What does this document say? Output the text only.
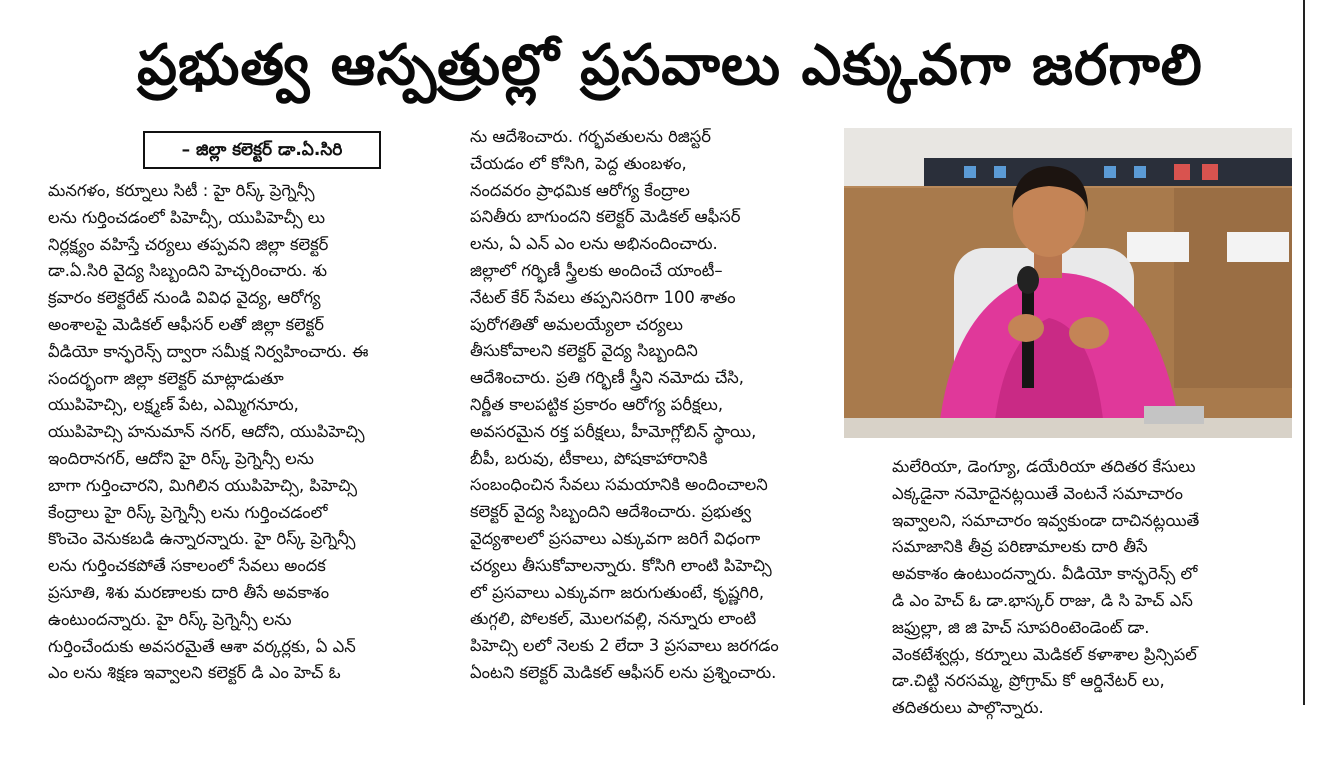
ప్రభుత్వ ఆస్పత్రుల్లో ప్రసవాలు ఎక్కువగా జరగాలి
– జిల్లా కలెక్టర్ డా.ఏ.సిరి
మనగళం, కర్నూలు సిటీ : హై రిస్క్ ప్రెగ్నెన్సీ
లను గుర్తించడంలో పిహెచ్సీ, యుపిహెచ్సీ లు
నిర్లక్ష్యం వహిస్తే చర్యలు తప్పవని జిల్లా కలెక్టర్
డా.ఏ.సిరి వైద్య సిబ్బందిని హెచ్చరించారు. శు
క్రవారం కలెక్టరేట్ నుండి వివిధ వైద్య, ఆరోగ్య
అంశాలపై మెడికల్ ఆఫీసర్ లతో జిల్లా కలెక్టర్
వీడియో కాన్ఫరెన్స్ ద్వారా సమీక్ష నిర్వహించారు. ఈ
సందర్భంగా జిల్లా కలెక్టర్ మాట్లాడుతూ
యుపిహెచ్సి, లక్ష్మణ్ పేట, ఎమ్మిగనూరు,
యుపిహెచ్సి హనుమాన్ నగర్, ఆదోని, యుపిహెచ్సి
ఇందిరానగర్, ఆదోని హై రిస్క్ ప్రెగ్నెన్సీ లను
బాగా గుర్తించారని, మిగిలిన యుపిహెచ్సి, పిహెచ్సి
కేంద్రాలు హై రిస్క్ ప్రెగ్నెన్సీ లను గుర్తించడంలో
కొంచెం వెనుకబడి ఉన్నారన్నారు. హై రిస్క్ ప్రెగ్నెన్సీ
లను గుర్తించకపోతే సకాలంలో సేవలు అందక
ప్రసూతి, శిశు మరణాలకు దారి తీసే అవకాశం
ఉంటుందన్నారు. హై రిస్క్ ప్రెగ్నెన్సీ లను
గుర్తించేందుకు అవసరమైతే ఆశా వర్కర్లకు, ఏ ఎన్
ఎం లను శిక్షణ ఇవ్వాలని కలెక్టర్ డి ఎం హెచ్ ఓ
ను ఆదేశించారు. గర్భవతులను రిజిస్టర్
చేయడం లో కోసిగి, పెద్ద తుంబళం,
నందవరం ప్రాధమిక ఆరోగ్య కేంద్రాల
పనితీరు బాగుందని కలెక్టర్ మెడికల్ ఆఫీసర్
లను, ఏ ఎన్ ఎం లను అభినందించారు.
జిల్లాలో గర్భిణీ స్త్రీలకు అందించే యాంటీ–
నేటల్ కేర్ సేవలు తప్పనిసరిగా 100 శాతం
పురోగతితో అమలయ్యేలా చర్యలు
తీసుకోవాలని కలెక్టర్ వైద్య సిబ్బందిని
ఆదేశించారు. ప్రతి గర్భిణీ స్త్రీని నమోదు చేసి,
నిర్ణీత కాలపట్టిక ప్రకారం ఆరోగ్య పరీక్షలు,
అవసరమైన రక్త పరీక్షలు, హీమోగ్లోబిన్ స్థాయి,
బీపీ, బరువు, టీకాలు, పోషకాహారానికి
సంబంధించిన సేవలు సమయానికి అందించాలని
కలెక్టర్ వైద్య సిబ్బందిని ఆదేశించారు. ప్రభుత్వ
వైద్యశాలలో ప్రసవాలు ఎక్కువగా జరిగే విధంగా
చర్యలు తీసుకోవాలన్నారు. కోసిగి లాంటి పిహెచ్సి
లో ప్రసవాలు ఎక్కువగా జరుగుతుంటే, కృష్ణగిరి,
తుగ్గలి, పోలకల్, మొలగవల్లి, నన్నూరు లాంటి
పిహెచ్సి లలో నెలకు 2 లేదా 3 ప్రసవాలు జరగడం
ఏంటని కలెక్టర్ మెడికల్ ఆఫీసర్ లను ప్రశ్నించారు.
మలేరియా, డెంగ్యూ, డయేరియా తదితర కేసులు
ఎక్కడైనా నమోదైనట్లయితే వెంటనే సమాచారం
ఇవ్వాలని, సమాచారం ఇవ్వకుండా దాచినట్లయితే
సమాజానికి తీవ్ర పరిణామాలకు దారి తీసే
అవకాశం ఉంటుందన్నారు. వీడియో కాన్ఫరెన్స్ లో
డి ఎం హెచ్ ఓ డా.భాస్కర్ రాజు, డి సి హెచ్ ఎస్
జఫ్రుల్లా, జి జి హెచ్ సూపరింటెండెంట్ డా.
వెంకటేశ్వర్లు, కర్నూలు మెడికల్ కళాశాల ప్రిన్సిపల్
డా.చిట్టి నరసమ్మ, ప్రోగ్రామ్ కో ఆర్డినేటర్ లు,
తదితరులు పాల్గొన్నారు.
